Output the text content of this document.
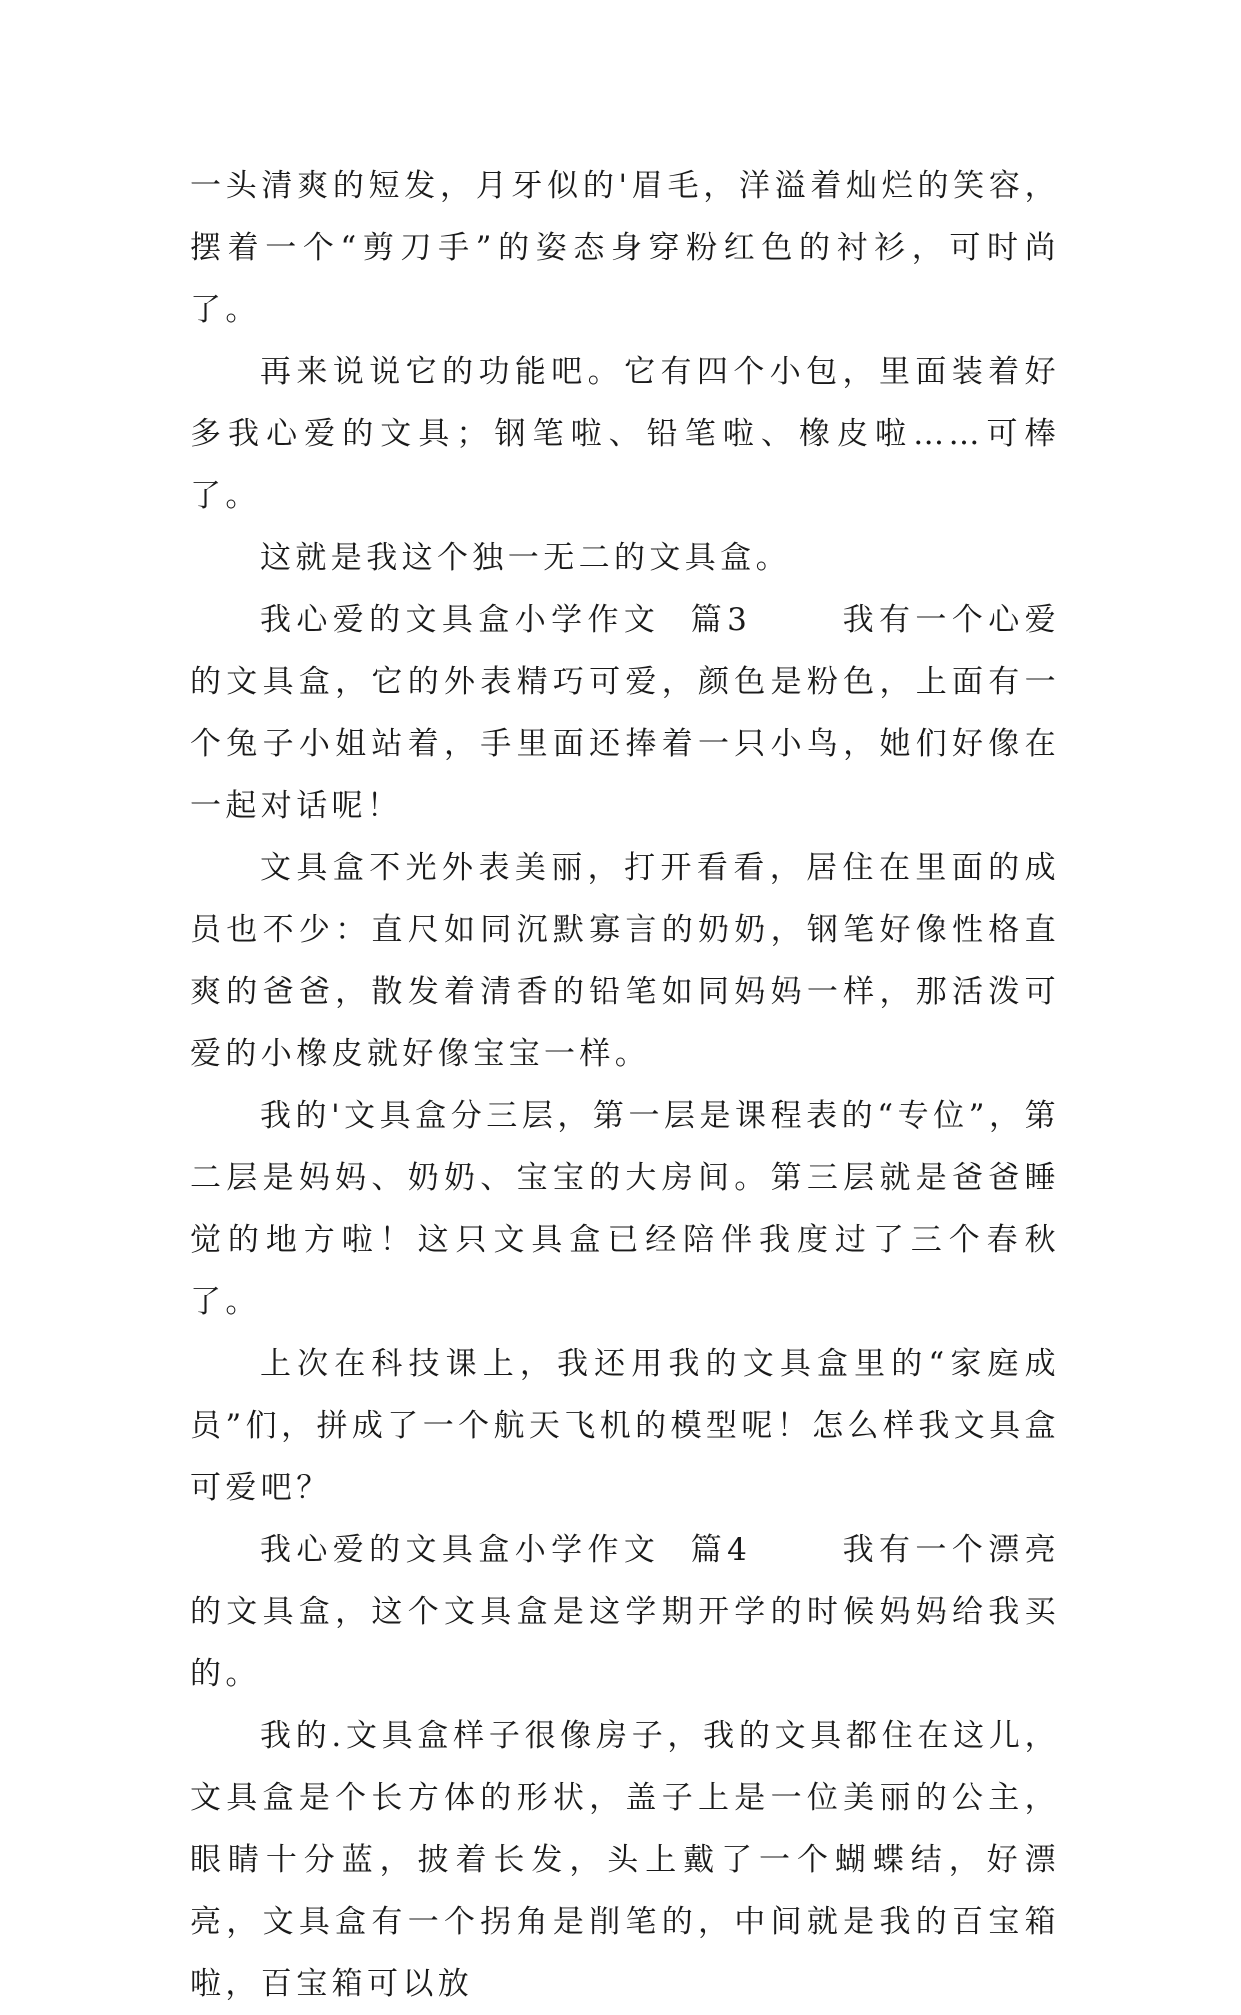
一头清爽的短发，月牙似的'眉毛，洋溢着灿烂的笑容，摆着一个“剪刀手”的姿态身穿粉红色的衬衫，可时尚了。

再来说说它的功能吧。它有四个小包，里面装着好多我心爱的文具；钢笔啦、铅笔啦、橡皮啦……可棒了。

这就是我这个独一无二的文具盒。

我心爱的文具盒小学作文  篇3      我有一个心爱的文具盒，它的外表精巧可爱，颜色是粉色，上面有一个兔子小姐站着，手里面还捧着一只小鸟，她们好像在一起对话呢！

文具盒不光外表美丽，打开看看，居住在里面的成员也不少：直尺如同沉默寡言的奶奶，钢笔好像性格直爽的爸爸，散发着清香的铅笔如同妈妈一样，那活泼可爱的小橡皮就好像宝宝一样。

我的'文具盒分三层，第一层是课程表的“专位”，第二层是妈妈、奶奶、宝宝的大房间。第三层就是爸爸睡觉的地方啦！这只文具盒已经陪伴我度过了三个春秋了。

上次在科技课上，我还用我的文具盒里的“家庭成员”们，拼成了一个航天飞机的模型呢！怎么样我文具盒可爱吧？

我心爱的文具盒小学作文  篇4      我有一个漂亮的文具盒，这个文具盒是这学期开学的时候妈妈给我买的。

我的.文具盒样子很像房子，我的文具都住在这儿，文具盒是个长方体的形状，盖子上是一位美丽的公主，眼睛十分蓝，披着长发，头上戴了一个蝴蝶结，好漂亮，文具盒有一个拐角是削笔的，中间就是我的百宝箱啦，百宝箱可以放
